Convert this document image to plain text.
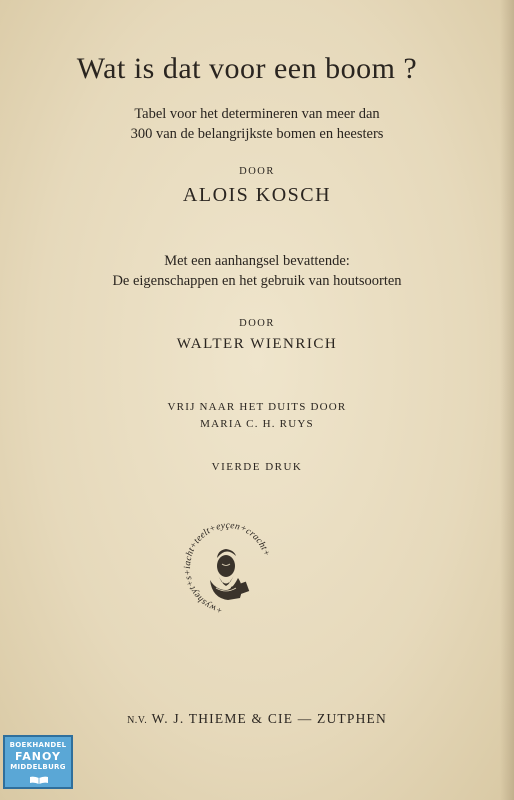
Wat is dat voor een boom ?
Tabel voor het determineren van meer dan
300 van de belangrijkste bomen en heesters
DOOR
ALOIS KOSCH
Met een aanhangsel bevattende:
De eigenschappen en het gebruik van houtsoorten
DOOR
WALTER WIENRICH
VRIJ NAAR HET DUITS DOOR
MARIA C. H. RUYS
VIERDE DRUK
+wysheyt+s+iacht+teelt+eyçen+cracht+
N.V. W. J. THIEME & CIE — ZUTPHEN
BOEKHANDEL
FANOY
MIDDELBURG
